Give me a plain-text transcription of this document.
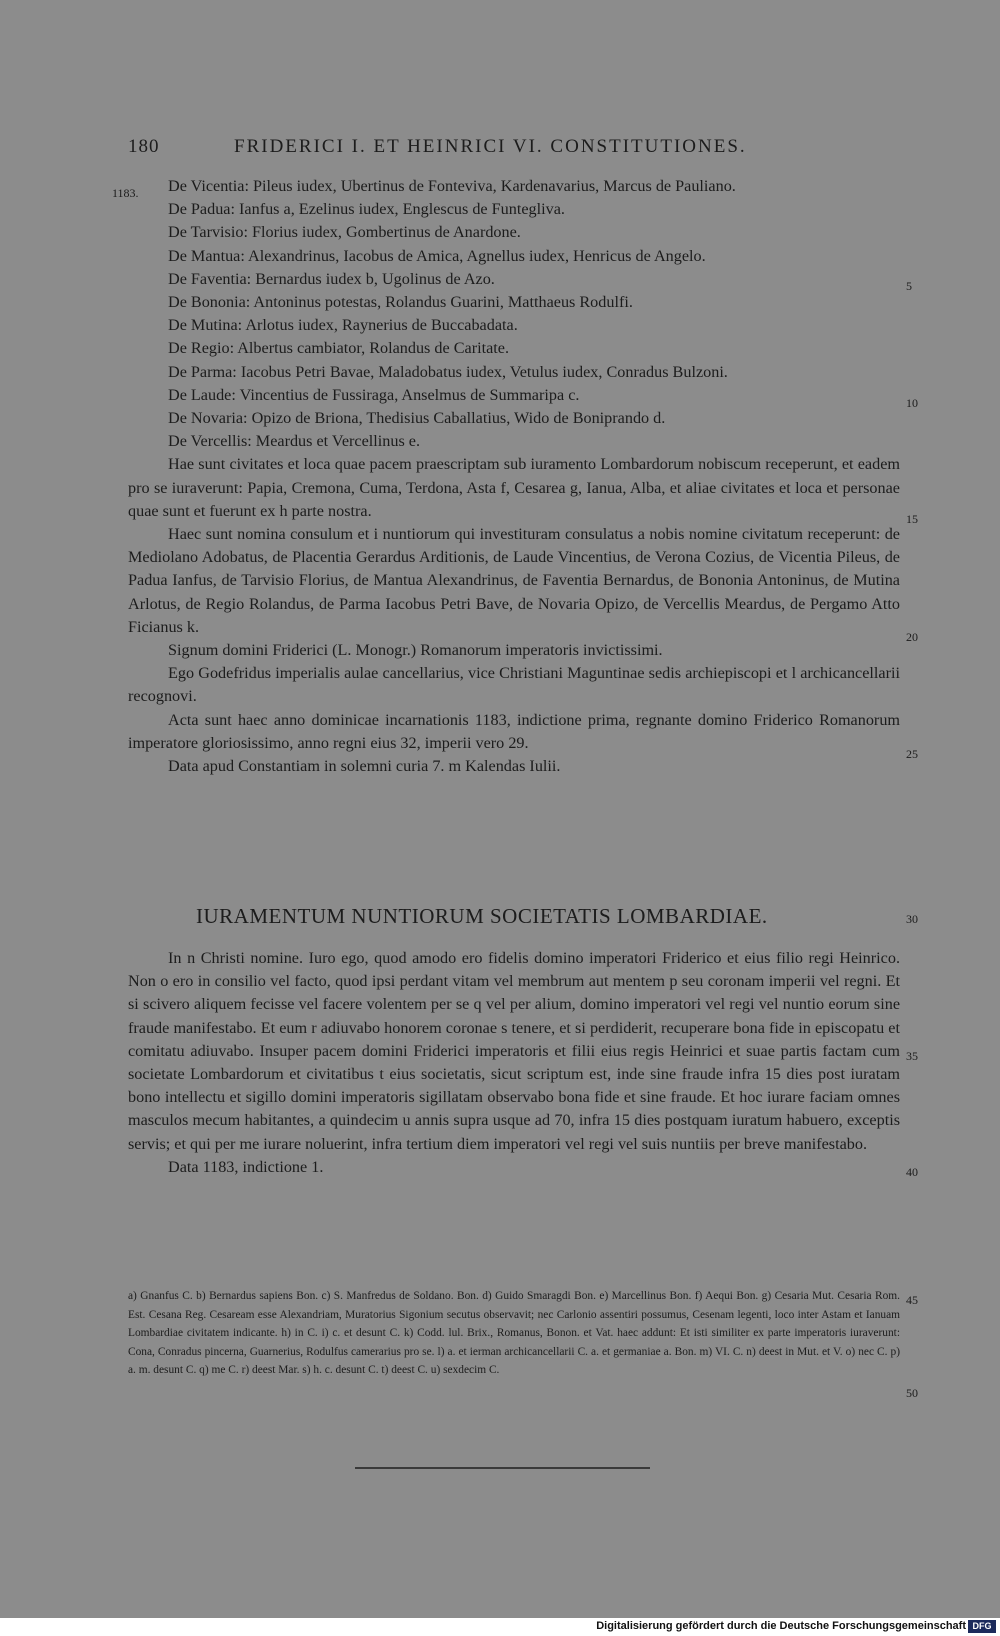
180	FRIDERICI I. ET HEINRICI VI. CONSTITUTIONES.
1183.	De Vicentia: Pileus iudex, Ubertinus de Fonteviva, Kardenavarius, Marcus de Pauliano.

De Padua: Ianfus a, Ezelinus iudex, Englescus de Funtegliva.

De Tarvisio: Florius iudex, Gombertinus de Anardone.

De Mantua: Alexandrinus, Iacobus de Amica, Agnellus iudex, Henricus de Angelo.

De Faventia: Bernardus iudex b, Ugolinus de Azo.

De Bononia: Antoninus potestas, Rolandus Guarini, Matthaeus Rodulfi.

De Mutina: Arlotus iudex, Raynerius de Buccabadata.

De Regio: Albertus cambiator, Rolandus de Caritate.

De Parma: Iacobus Petri Bavae, Maladobatus iudex, Vetulus iudex, Conradus Bulzoni.

De Laude: Vincentius de Fussiraga, Anselmus de Summaripa c.

De Novaria: Opizo de Briona, Thedisius Caballatius, Wido de Boniprando d.

De Vercellis: Meardus et Vercellinus e.

Hae sunt civitates et loca quae pacem praescriptam sub iuramento Lombardorum nobiscum receperunt, et eadem pro se iuraverunt: Papia, Cremona, Cuma, Terdona, Asta f, Cesarea g, Ianua, Alba, et aliae civitates et loca et personae quae sunt et fuerunt ex h parte nostra.

Haec sunt nomina consulum et i nuntiorum qui investituram consulatus a nobis nomine civitatum receperunt: de Mediolano Adobatus, de Placentia Gerardus Arditionis, de Laude Vincentius, de Verona Cozius, de Vicentia Pileus, de Padua Ianfus, de Tarvisio Florius, de Mantua Alexandrinus, de Faventia Bernardus, de Bononia Antoninus, de Mutina Arlotus, de Regio Rolandus, de Parma Iacobus Petri Bave, de Novaria Opizo, de Vercellis Meardus, de Pergamo Atto Ficianus k.

Signum domini Friderici (L. Monogr.) Romanorum imperatoris invictissimi.

Ego Godefridus imperialis aulae cancellarius, vice Christiani Maguntinae sedis archiepiscopi et l archicancellarii recognovi.

Acta sunt haec anno dominicae incarnationis 1183, indictione prima, regnante domino Friderico Romanorum imperatore gloriosissimo, anno regni eius 32, imperii vero 29.

Data apud Constantiam in solemni curia 7. m Kalendas Iulii.

IURAMENTUM NUNTIORUM SOCIETATIS LOMBARDIAE.

In n Christi nomine. Iuro ego, quod amodo ero fidelis domino imperatori Friderico et eius filio regi Heinrico. Non o ero in consilio vel facto, quod ipsi perdant vitam vel membrum aut mentem p seu coronam imperii vel regni. Et si scivero aliquem fecisse vel facere volentem per se q vel per alium, domino imperatori vel regi vel nuntio eorum sine fraude manifestabo. Et eum r adiuvabo honorem coronae s tenere, et si perdiderit, recuperare bona fide in episcopatu et comitatu adiuvabo. Insuper pacem domini Friderici imperatoris et filii eius regis Heinrici et suae partis factam cum societate Lombardorum et civitatibus t eius societatis, sicut scriptum est, inde sine fraude infra 15 dies post iuratam bono intellectu et sigillo domini imperatoris sigillatam observabo bona fide et sine fraude. Et hoc iurare faciam omnes masculos mecum habitantes, a quindecim u annis supra usque ad 70, infra 15 dies postquam iuratum habuero, exceptis servis; et qui per me iurare noluerint, infra tertium diem imperatori vel regi vel suis nuntiis per breve manifestabo.

Data 1183, indictione 1.

a) Gnanfus C. b) Bernardus sapiens Bon. c) S. Manfredus de Soldano. Bon. d) Guido Smaragdi Bon. e) Marcellinus Bon. f) Aequi Bon. g) Cesaria Mut. Cesaria Rom. Est. Cesana Reg. Cesaream esse Alexandriam, Muratorius Sigonium secutus observavit; nec Carlonio assentiri possumus, Cesenam legenti, loco inter Astam et Ianuam Lombardiae civitatem indicante. h) in C. i) c. et desunt C. k) Codd. lul. Brix., Romanus, Bonon. et Vat. haec addunt: Et isti similiter ex parte imperatoris iuraverunt: Cona, Conradus pincerna, Guarnerius, Rodulfus camerarius pro se. l) a. et ierman archicancellarii C. a. et germaniae a. Bon. m) VI. C. n) deest in Mut. et V. o) nec C. p) a. m. desunt C. q) me C. r) deest Mar. s) h. c. desunt C. t) deest C. u) sexdecim C.
5
10
15
20
25
30
35
40
45
50
Digitalisierung gefördert durch die Deutsche Forschungsgemeinschaft DFG
